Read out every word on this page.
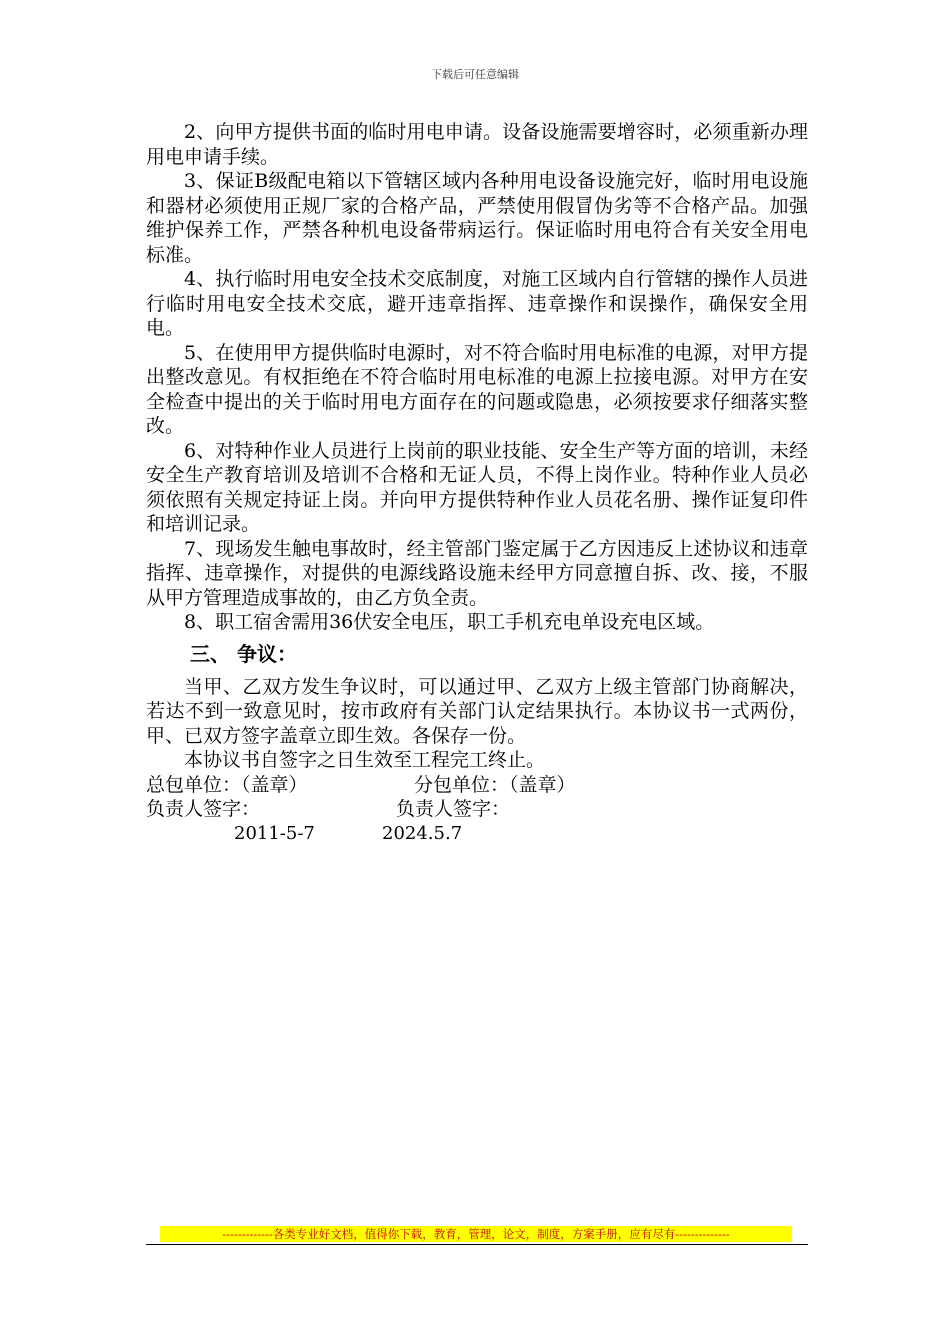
下载后可任意编辑

2、向甲方提供书面的临时用电申请。设备设施需要增容时，必须重新办理用电申请手续。

3、保证B级配电箱以下管辖区域内各种用电设备设施完好，临时用电设施和器材必须使用正规厂家的合格产品，严禁使用假冒伪劣等不合格产品。加强维护保养工作，严禁各种机电设备带病运行。保证临时用电符合有关安全用电标准。

4、执行临时用电安全技术交底制度，对施工区域内自行管辖的操作人员进行临时用电安全技术交底，避开违章指挥、违章操作和误操作，确保安全用电。

5、在使用甲方提供临时电源时，对不符合临时用电标准的电源，对甲方提出整改意见。有权拒绝在不符合临时用电标准的电源上拉接电源。对甲方在安全检查中提出的关于临时用电方面存在的问题或隐患，必须按要求仔细落实整改。

6、对特种作业人员进行上岗前的职业技能、安全生产等方面的培训，未经安全生产教育培训及培训不合格和无证人员，不得上岗作业。特种作业人员必须依照有关规定持证上岗。并向甲方提供特种作业人员花名册、操作证复印件和培训记录。

7、现场发生触电事故时，经主管部门鉴定属于乙方因违反上述协议和违章指挥、违章操作，对提供的电源线路设施未经甲方同意擅自拆、改、接，不服从甲方管理造成事故的，由乙方负全责。

8、职工宿舍需用36伏安全电压，职工手机充电单设充电区域。

三、 争议：

当甲、乙双方发生争议时，可以通过甲、乙双方上级主管部门协商解决，若达不到一致意见时，按市政府有关部门认定结果执行。本协议书一式两份，甲、已双方签字盖章立即生效。各保存一份。

本协议书自签字之日生效至工程完工终止。

总包单位：（盖章）	分包单位：（盖章）

负责人签字：	负责人签字：

2011-5-7	2024.5.7

-------------各类专业好文档，值得你下载，教育，管理，论文，制度，方案手册，应有尽有--------------
